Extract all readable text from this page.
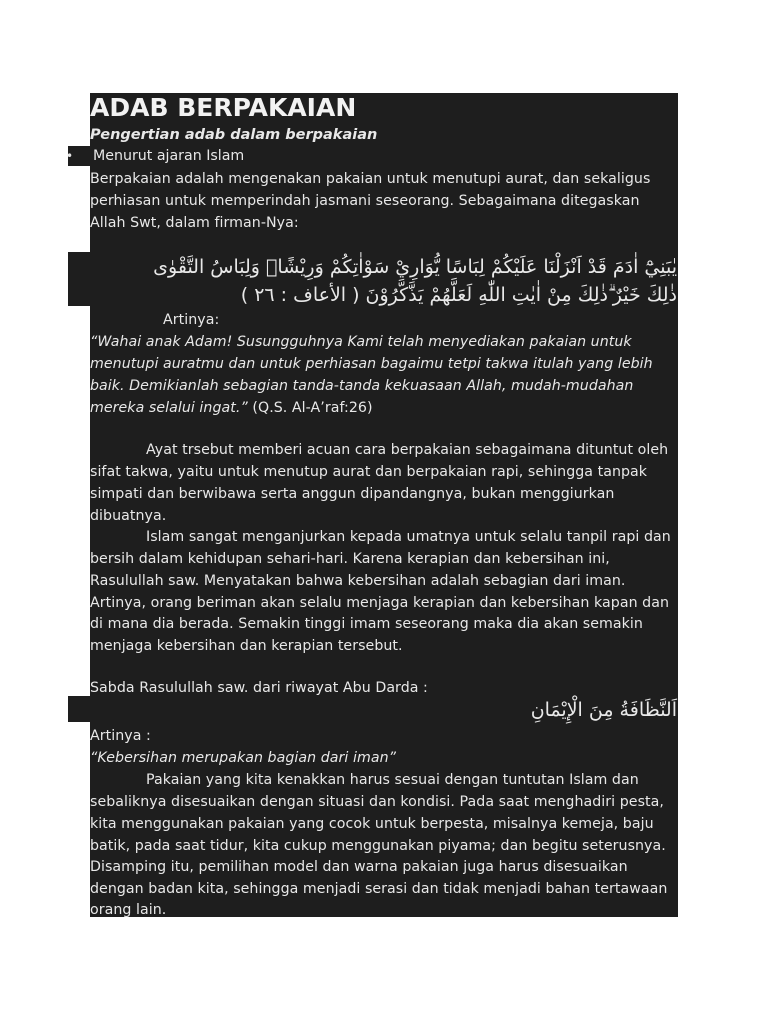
ADAB BERPAKAIAN
Pengertian adab dalam berpakaian
• Menurut ajaran Islam
Berpakaian adalah mengenakan pakaian untuk menutupi aurat, dan sekaligus
perhiasan untuk memperindah jasmani seseorang. Sebagaimana ditegaskan
Allah Swt, dalam firman-Nya:
يٰبَنِيْٓ اٰدَمَ قَدْ اَنْزَلْنَا عَلَيْكُمْ لِبَاسًا يُّوَارِيْ سَوْاٰتِكُمْ وَرِيْشًاۗ وَلِبَاسُ التَّقْوٰى
ذٰلِكَ خَيْرٌ ۗذٰلِكَ مِنْ اٰيٰتِ اللّٰهِ لَعَلَّهُمْ يَذَّكَّرُوْنَ ( الأعاف : ٢٦ )
Artinya:
“Wahai anak Adam! Susungguhnya Kami telah menyediakan pakaian untuk
menutupi auratmu dan untuk perhiasan bagaimu tetpi takwa itulah yang lebih
baik. Demikianlah sebagian tanda-tanda kekuasaan Allah, mudah-mudahan
mereka selalui ingat.” (Q.S. Al-A’raf:26)
Ayat trsebut memberi acuan cara berpakaian sebagaimana dituntut oleh
sifat takwa, yaitu untuk menutup aurat dan berpakaian rapi, sehingga tanpak
simpati dan berwibawa serta anggun dipandangnya, bukan menggiurkan
dibuatnya.
Islam sangat menganjurkan kepada umatnya untuk selalu tanpil rapi dan
bersih dalam kehidupan sehari-hari. Karena kerapian dan kebersihan ini,
Rasulullah saw. Menyatakan bahwa kebersihan adalah sebagian dari iman.
Artinya, orang beriman akan selalu menjaga kerapian dan kebersihan kapan dan
di mana dia berada. Semakin tinggi imam seseorang maka dia akan semakin
menjaga kebersihan dan kerapian tersebut.
Sabda Rasulullah saw. dari riwayat Abu Darda :
اَلنَّظَافَةُ مِنَ الْإِيْمَانِ
Artinya :
“Kebersihan merupakan bagian dari iman”
Pakaian yang kita kenakkan harus sesuai dengan tuntutan Islam dan
sebaliknya disesuaikan dengan situasi dan kondisi. Pada saat menghadiri pesta,
kita menggunakan pakaian yang cocok untuk berpesta, misalnya kemeja, baju
batik, pada saat tidur, kita cukup menggunakan piyama; dan begitu seterusnya.
Disamping itu, pemilihan model dan warna pakaian juga harus disesuaikan
dengan badan kita, sehingga menjadi serasi dan tidak menjadi bahan tertawaan
orang lain.
